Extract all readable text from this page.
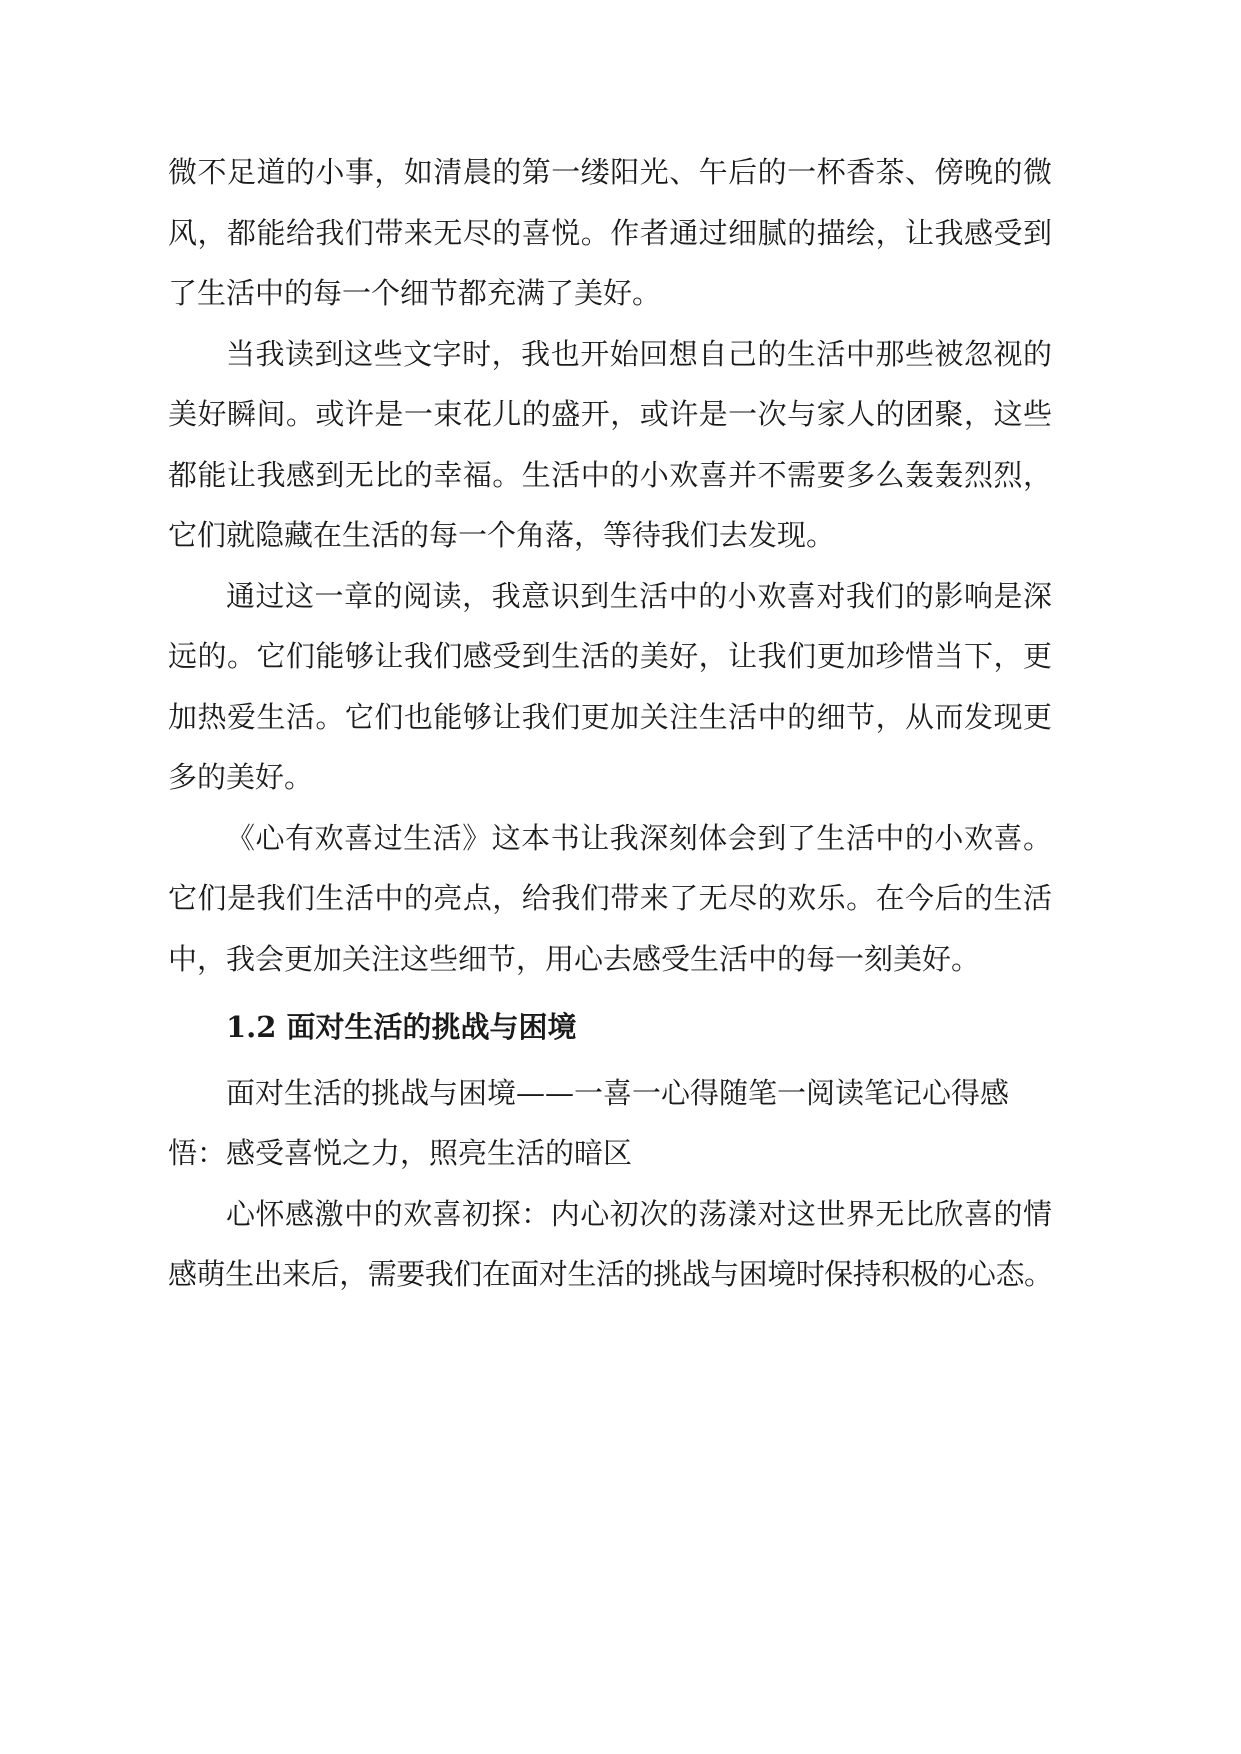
微不足道的小事，如清晨的第一缕阳光、午后的一杯香茶、傍晚的微
风，都能给我们带来无尽的喜悦。作者通过细腻的描绘，让我感受到
了生活中的每一个细节都充满了美好。
当我读到这些文字时，我也开始回想自己的生活中那些被忽视的
美好瞬间。或许是一束花儿的盛开，或许是一次与家人的团聚，这些
都能让我感到无比的幸福。生活中的小欢喜并不需要多么轰轰烈烈，
它们就隐藏在生活的每一个角落，等待我们去发现。
通过这一章的阅读，我意识到生活中的小欢喜对我们的影响是深
远的。它们能够让我们感受到生活的美好，让我们更加珍惜当下，更
加热爱生活。它们也能够让我们更加关注生活中的细节，从而发现更
多的美好。
《心有欢喜过生活》这本书让我深刻体会到了生活中的小欢喜。
它们是我们生活中的亮点，给我们带来了无尽的欢乐。在今后的生活
中，我会更加关注这些细节，用心去感受生活中的每一刻美好。
1.2 面对生活的挑战与困境
面对生活的挑战与困境——一喜一心得随笔一阅读笔记心得感
悟：感受喜悦之力，照亮生活的暗区
心怀感激中的欢喜初探：内心初次的荡漾对这世界无比欣喜的情
感萌生出来后，需要我们在面对生活的挑战与困境时保持积极的心态。
